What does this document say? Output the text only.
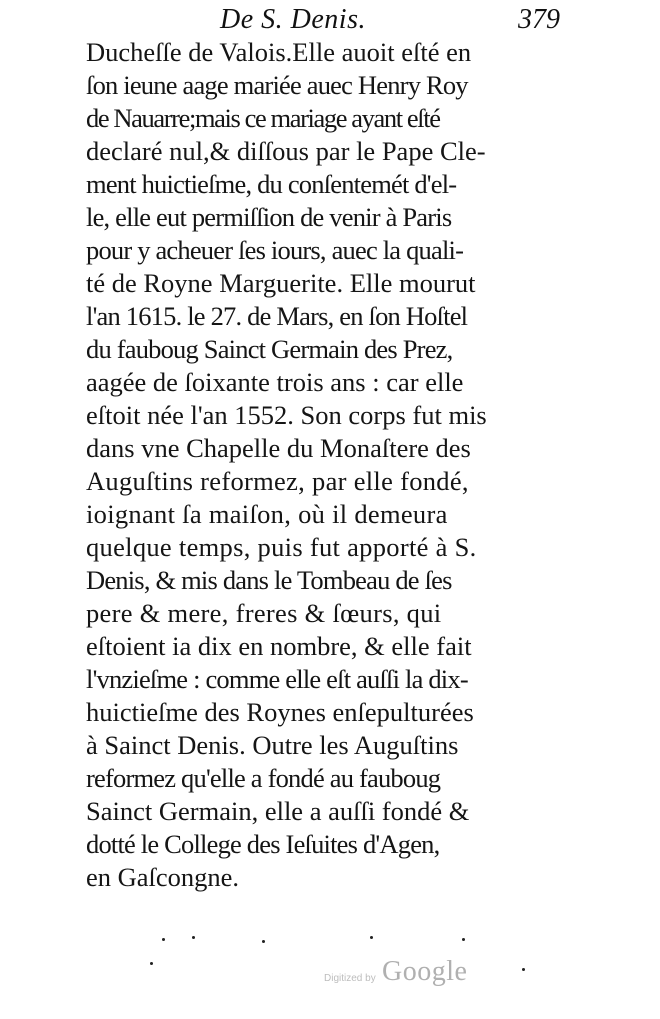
De S. Denis.	379
Ducheſſe de Valois.Elle auoit eſté en
ſon ieune aage mariée auec Henry Roy
de Nauarre;mais ce mariage ayant eſté
declaré nul,& diſſous par le Pape Cle-
ment huictieſme, du conſentemét d'el-
le, elle eut permiſſion de venir à Paris
pour y acheuer ſes iours, auec la quali-
té de Royne Marguerite. Elle mourut
l'an 1615. le 27. de Mars, en ſon Hoſtel
du fauboug Sainct Germain des Prez,
aagée de ſoixante trois ans : car elle
eſtoit née l'an 1552. Son corps fut mis
dans vne Chapelle du Monaſtere des
Auguſtins reformez, par elle fondé,
ioignant ſa maiſon, où il demeura
quelque temps, puis fut apporté à S.
Denis, & mis dans le Tombeau de ſes
pere & mere, freres & ſœurs, qui
eſtoient ia dix en nombre, & elle fait
l'vnzieſme : comme elle eſt auſſi la dix-
huictieſme des Roynes enſepulturées
à Sainct Denis. Outre les Auguſtins
reformez qu'elle a fondé au fauboug
Sainct Germain, elle a auſſi fondé &
dotté le College des Ieſuites d'Agen,
en Gaſcongne.
Digitized by Google
